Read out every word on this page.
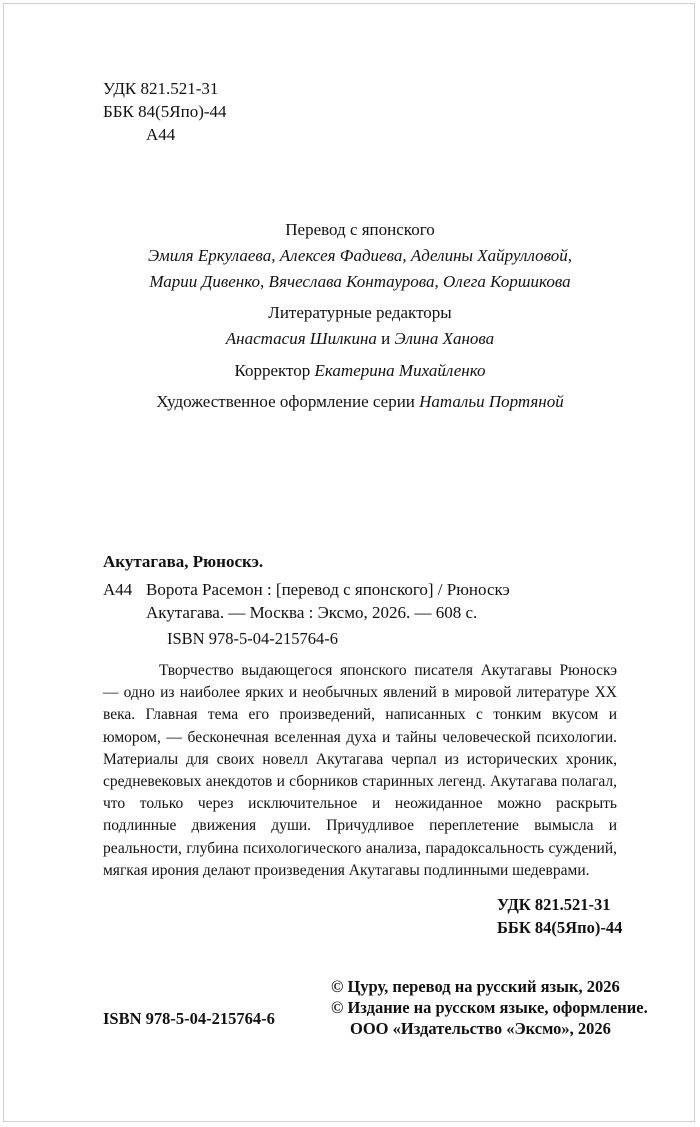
УДК 821.521-31
ББК 84(5Япо)-44
А44
Перевод с японского
Эмиля Еркулаева, Алексея Фадиева, Аделины Хайрулловой,
Марии Дивенко, Вячеслава Контаурова, Олега Коршикова
Литературные редакторы
Анастасия Шилкина и Элина Ханова
Корректор Екатерина Михайленко
Художественное оформление серии Натальи Портяной
Акутагава, Рюноскэ.
А44 Ворота Расемон : [перевод с японского] / Рюноскэ
Акутагава. — Москва : Эксмо, 2026. — 608 с.
ISBN 978-5-04-215764-6

Творчество выдающегося японского писателя Акутагавы Рюноскэ — одно из наиболее ярких и необычных явлений в мировой литературе XX века. Главная тема его произведений, написанных с тонким вкусом и юмором, — бесконечная вселенная духа и тайны человеческой психологии. Материалы для своих новелл Акутагава черпал из исторических хроник, средневековых анекдотов и сборников старинных легенд. Акутагава полагал, что только через исключительное и неожиданное можно раскрыть подлинные движения души. Причудливое переплетение вымысла и реальности, глубина психологического анализа, парадоксальность суждений, мягкая ирония делают произведения Акутагавы подлинными шедеврами.

УДК 821.521-31
ББК 84(5Япо)-44
ISBN 978-5-04-215764-6
© Цуру, перевод на русский язык, 2026
© Издание на русском языке, оформление.
ООО «Издательство «Эксмо», 2026
